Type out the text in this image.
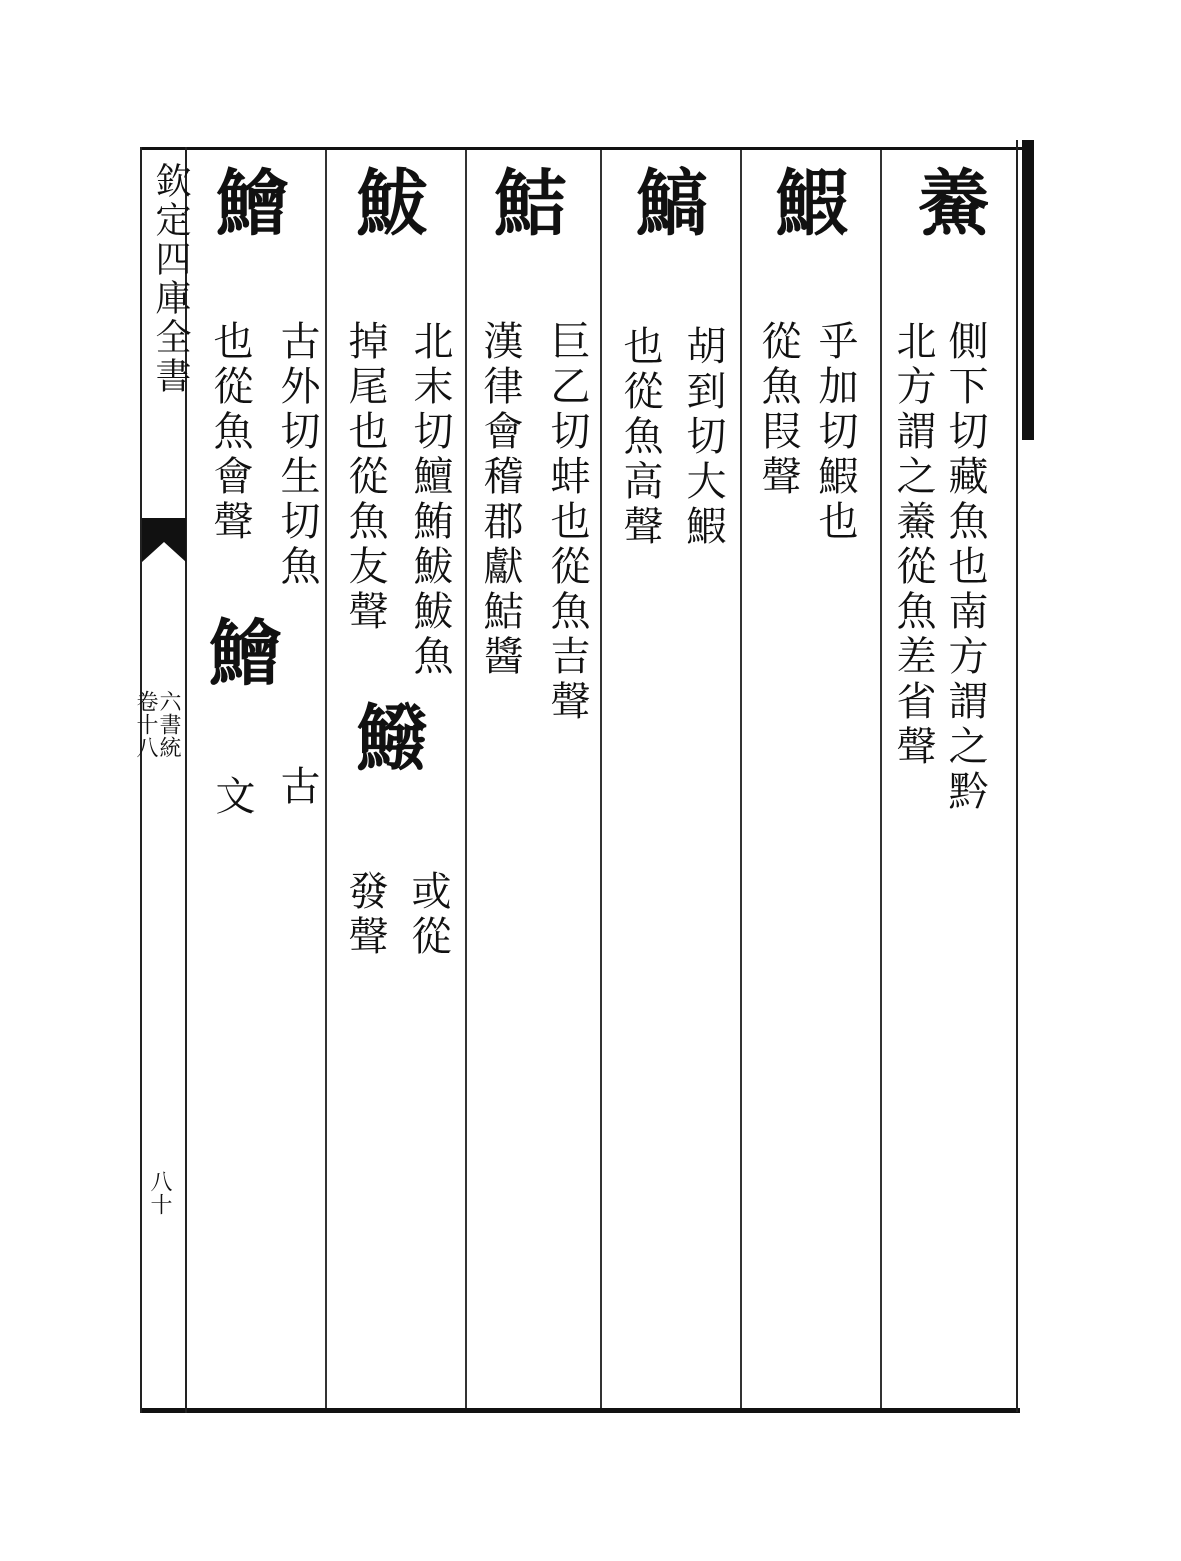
欽定四庫全書
六書統
卷十八
八十
鯗
側下切藏魚也南方謂之黔
北方謂之鯗從魚差省聲
鰕
乎加切鰕也
從魚叚聲
鰝
胡到切大鰕
也從魚高聲
鮚
巨乙切蚌也從魚吉聲
漢律會稽郡獻鮚醬
鮁
北末切鱣鮪鮁鮁魚
掉尾也從魚友聲
鱍
或從
發聲
鱠
古外切生切魚
也從魚會聲
鱠
古
文
